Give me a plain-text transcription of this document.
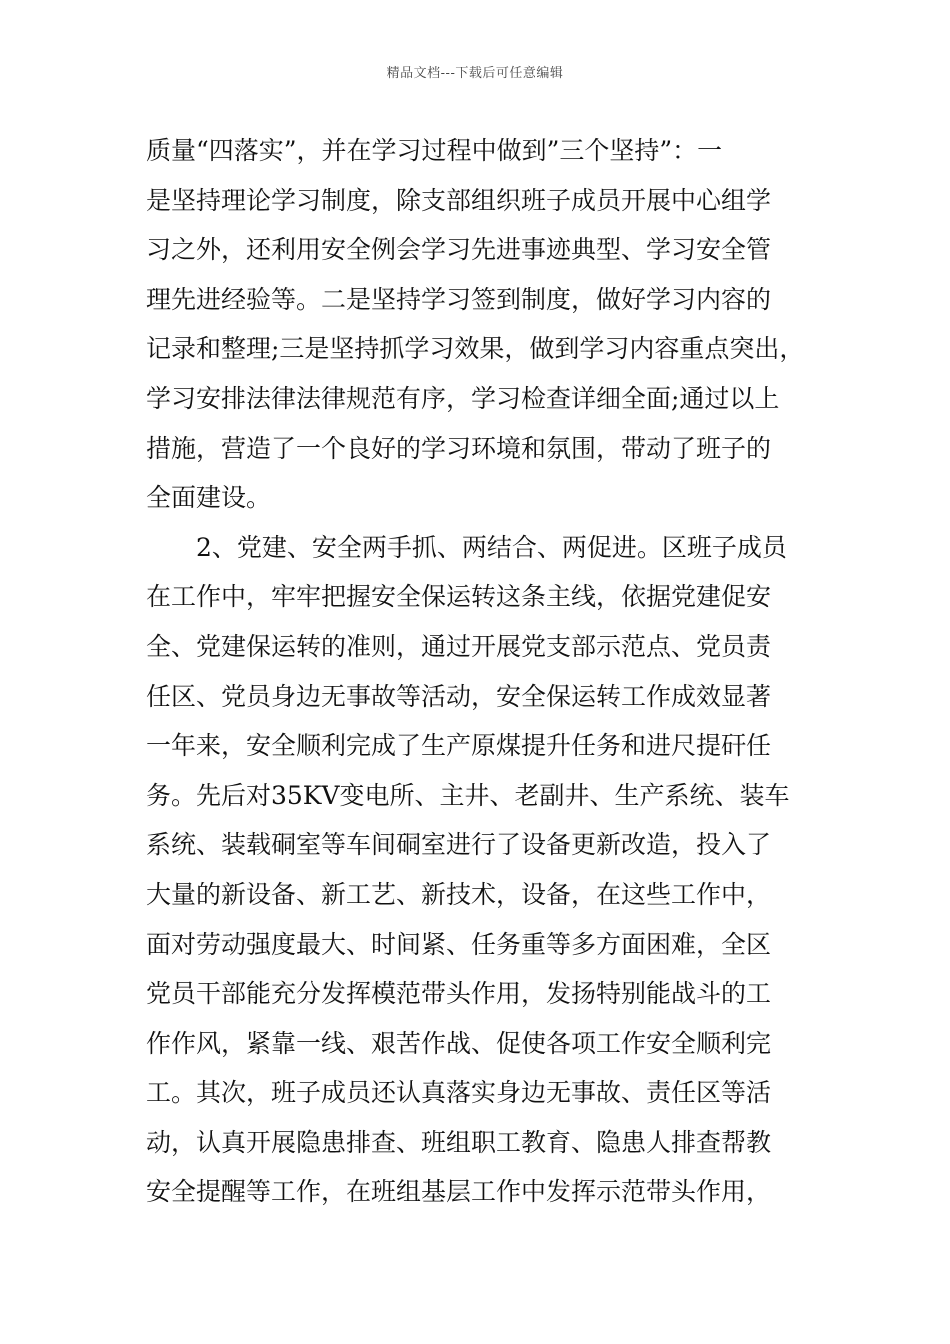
精品文档---下载后可任意编辑
质量“四落实”，并在学习过程中做到”三个坚持”：一
是坚持理论学习制度，除支部组织班子成员开展中心组学
习之外，还利用安全例会学习先进事迹典型、学习安全管
理先进经验等。二是坚持学习签到制度，做好学习内容的
记录和整理;三是坚持抓学习效果，做到学习内容重点突出，
学习安排法律法律规范有序，学习检查详细全面;通过以上
措施，营造了一个良好的学习环境和氛围，带动了班子的
全面建设。
2、党建、安全两手抓、两结合、两促进。区班子成员
在工作中，牢牢把握安全保运转这条主线，依据党建促安
全、党建保运转的准则，通过开展党支部示范点、党员责
任区、党员身边无事故等活动，安全保运转工作成效显著
一年来，安全顺利完成了生产原煤提升任务和进尺提矸任
务。先后对35KV变电所、主井、老副井、生产系统、装车
系统、装载硐室等车间硐室进行了设备更新改造，投入了
大量的新设备、新工艺、新技术，设备，在这些工作中，
面对劳动强度最大、时间紧、任务重等多方面困难，全区
党员干部能充分发挥模范带头作用，发扬特别能战斗的工
作作风，紧靠一线、艰苦作战、促使各项工作安全顺利完
工。其次，班子成员还认真落实身边无事故、责任区等活
动，认真开展隐患排查、班组职工教育、隐患人排查帮教
安全提醒等工作，在班组基层工作中发挥示范带头作用，
